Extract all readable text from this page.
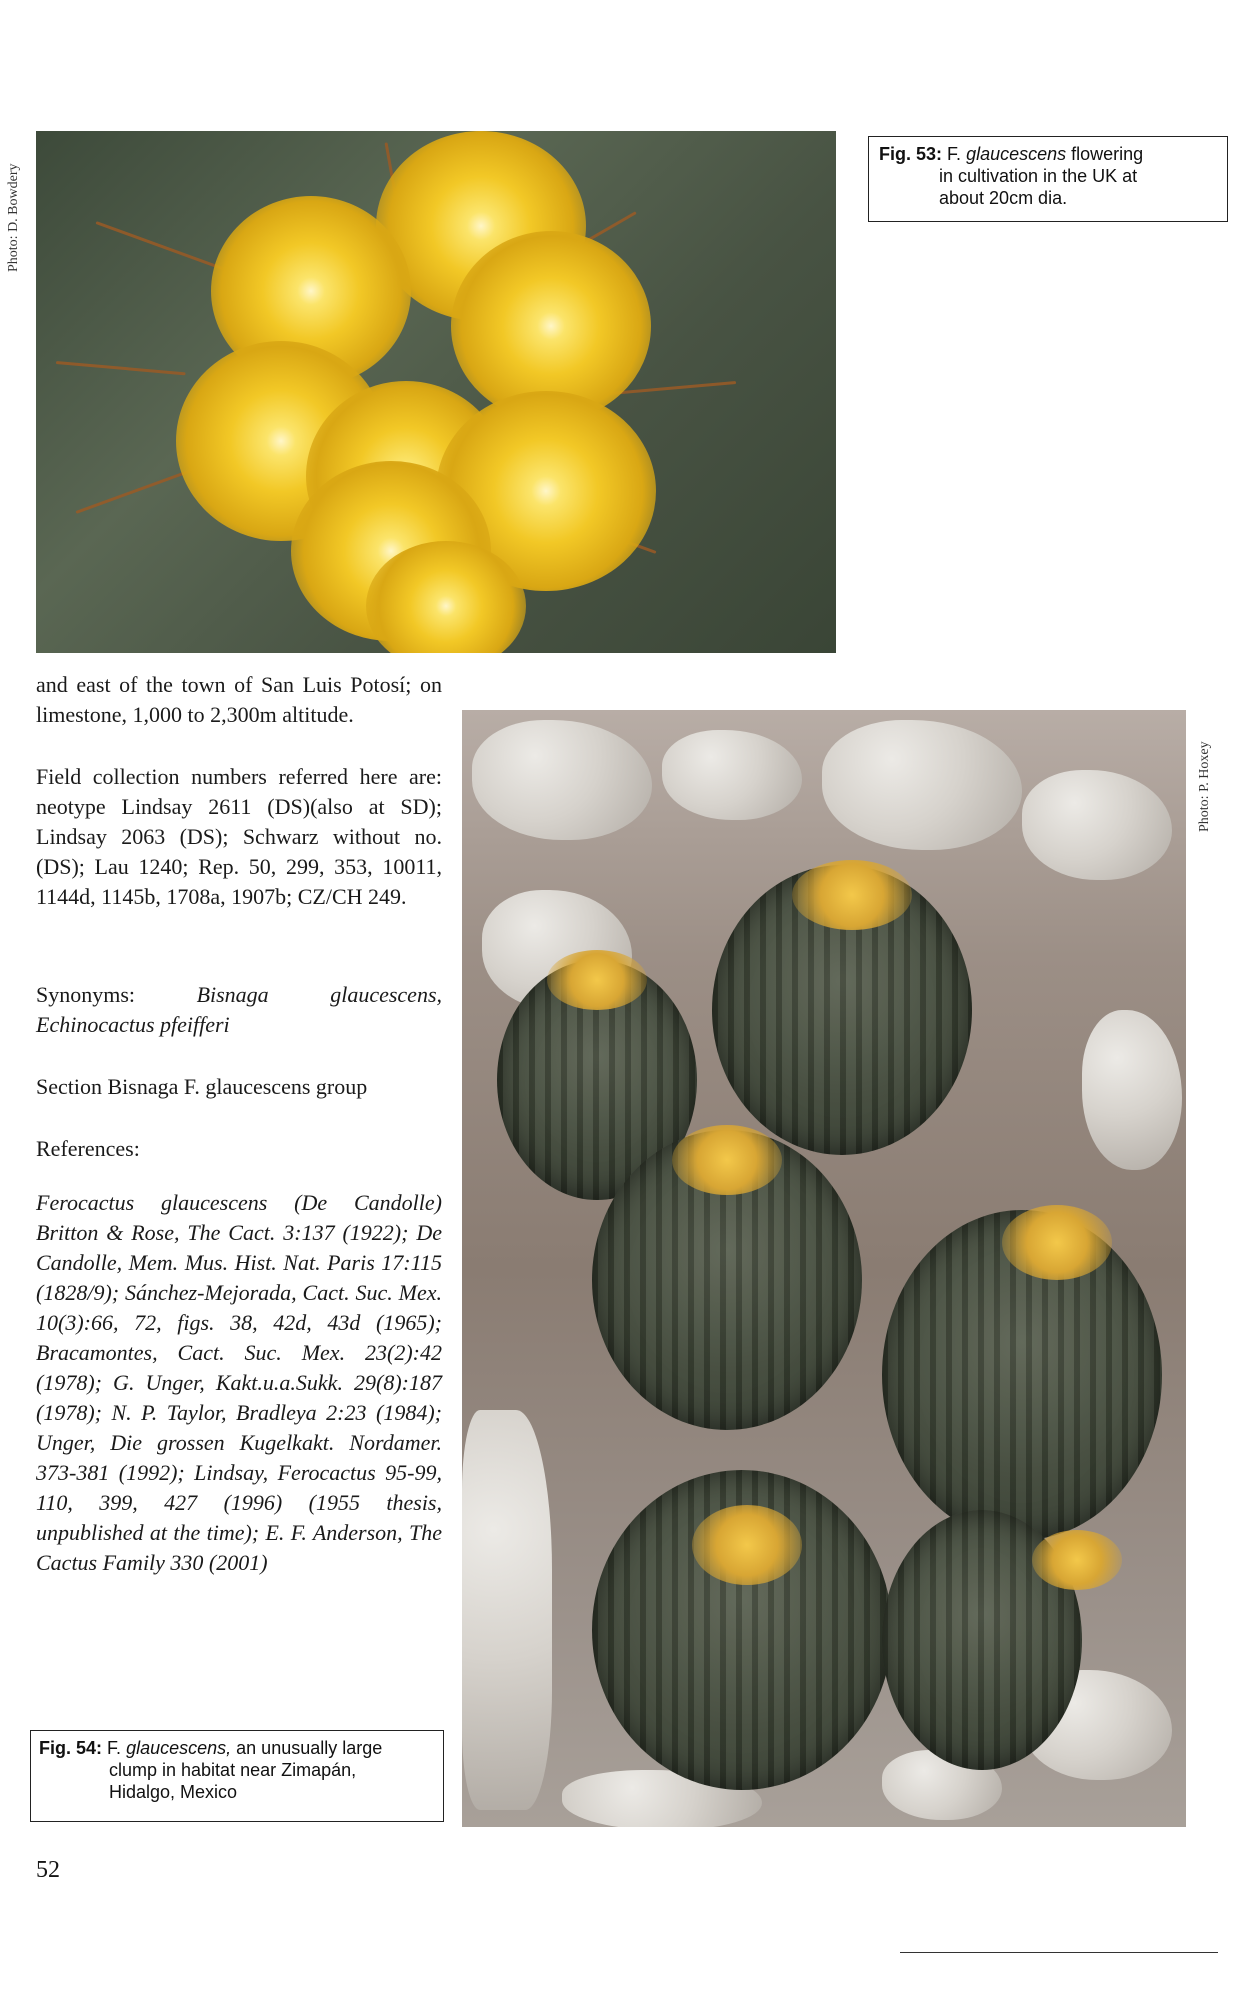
Photo: D. Bowdery
Photo: P. Hoxey
Fig. 53: F. glaucescens flowering
in cultivation in the UK at
about 20cm dia.
and east of the town of San Luis Potosí; on limestone, 1,000 to 2,300m altitude.
Field collection numbers referred here are: neotype Lindsay 2611 (DS)(also at SD); Lindsay 2063 (DS); Schwarz without no. (DS); Lau 1240; Rep. 50, 299, 353, 10011, 1144d, 1145b, 1708a, 1907b; CZ/CH 249.
Synonyms:	Bisnaga glaucescens, Echinocactus pfeifferi
Section Bisnaga F. glaucescens group
References:
Ferocactus glaucescens (De Candolle) Britton & Rose, The Cact. 3:137 (1922); De Candolle, Mem. Mus. Hist. Nat. Paris 17:115 (1828/9); Sánchez-Mejorada, Cact. Suc. Mex. 10(3):66, 72, figs. 38, 42d, 43d (1965); Bracamontes, Cact. Suc. Mex. 23(2):42 (1978); G. Unger, Kakt.u.a.Sukk. 29(8):187 (1978); N. P. Taylor, Bradleya 2:23 (1984); Unger, Die grossen Kugelkakt. Nordamer. 373-381 (1992); Lindsay, Ferocactus 95-99, 110, 399, 427 (1996) (1955 thesis, unpublished at the time); E. F. Anderson, The Cactus Family 330 (2001)
Fig. 54: F. glaucescens, an unusually large
clump in habitat near Zimapán,
Hidalgo, Mexico
52
